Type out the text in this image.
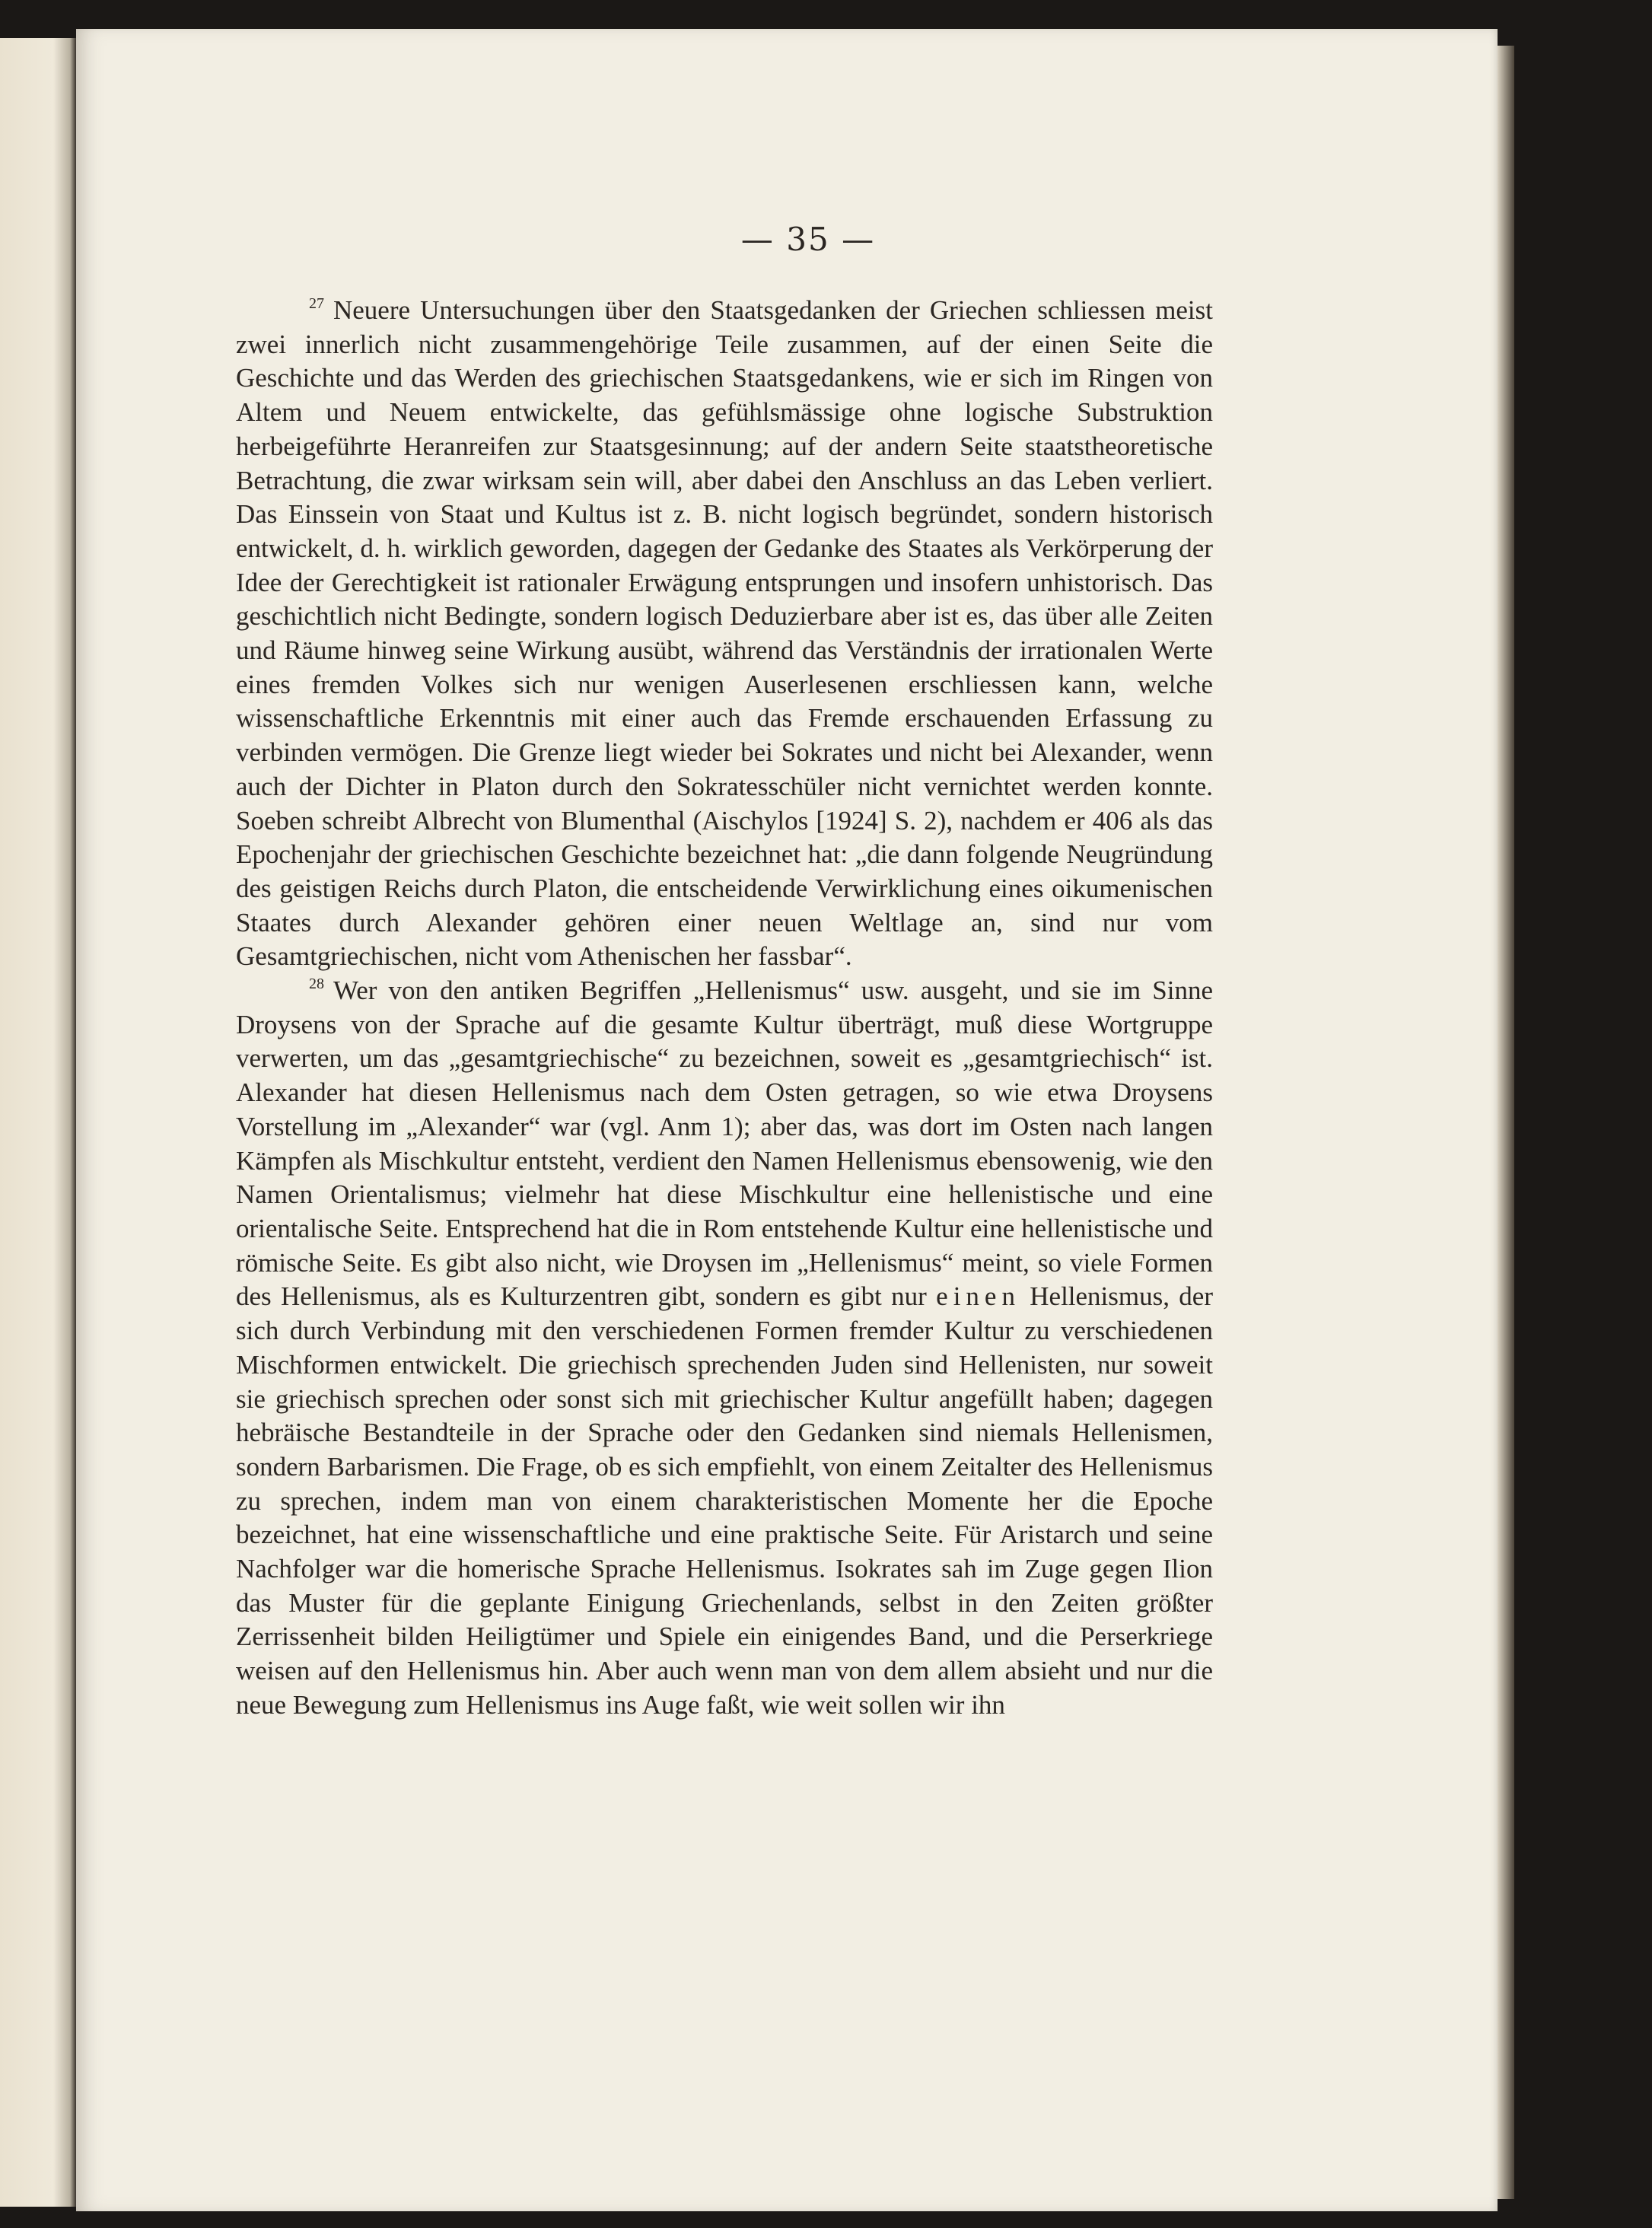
— 35 —

$^{27}$ Neuere Untersuchungen über den Staatsgedanken der Griechen schliessen meist zwei innerlich nicht zusammengehörige Teile zusammen, auf der einen Seite die Geschichte und das Werden des griechischen Staatsgedankens, wie er sich im Ringen von Altem und Neuem entwickelte, das gefühlsmässige ohne logische Substruktion herbeigeführte Heranreifen zur Staatsgesinnung; auf der andern Seite staatstheoretische Betrachtung, die zwar wirksam sein will, aber dabei den Anschluss an das Leben verliert. Das Einssein von Staat und Kultus ist z. B. nicht logisch begründet, sondern historisch entwickelt, d. h. wirklich geworden, dagegen der Gedanke des Staates als Verkörperung der Idee der Gerechtigkeit ist rationaler Erwägung entsprungen und insofern unhistorisch. Das geschichtlich nicht Bedingte, sondern logisch Deduzierbare aber ist es, das über alle Zeiten und Räume hinweg seine Wirkung ausübt, während das Verständnis der irrationalen Werte eines fremden Volkes sich nur wenigen Auserlesenen erschliessen kann, welche wissenschaftliche Erkenntnis mit einer auch das Fremde erschauenden Erfassung zu verbinden vermögen. Die Grenze liegt wieder bei Sokrates und nicht bei Alexander, wenn auch der Dichter in Platon durch den Sokratesschüler nicht vernichtet werden konnte. Soeben schreibt Albrecht von Blumenthal (Aischylos [1924] S. 2), nachdem er 406 als das Epochenjahr der griechischen Geschichte bezeichnet hat: „die dann folgende Neugründung des geistigen Reichs durch Platon, die entscheidende Verwirklichung eines oikumenischen Staates durch Alexander gehören einer neuen Weltlage an, sind nur vom Gesamtgriechischen, nicht vom Athenischen her fassbar“.

$^{28}$ Wer von den antiken Begriffen „Hellenismus“ usw. ausgeht, und sie im Sinne Droysens von der Sprache auf die gesamte Kultur überträgt, muß diese Wortgruppe verwerten, um das „gesamtgriechische“ zu bezeichnen, soweit es „gesamtgriechisch“ ist. Alexander hat diesen Hellenismus nach dem Osten getragen, so wie etwa Droysens Vorstellung im „Alexander“ war (vgl. Anm 1); aber das, was dort im Osten nach langen Kämpfen als Mischkultur entsteht, verdient den Namen Hellenismus ebensowenig, wie den Namen Orientalismus; vielmehr hat diese Mischkultur eine hellenistische und eine orientalische Seite. Entsprechend hat die in Rom entstehende Kultur eine hellenistische und römische Seite. Es gibt also nicht, wie Droysen im „Hellenismus“ meint, so viele Formen des Hellenismus, als es Kulturzentren gibt, sondern es gibt nur einen Hellenismus, der sich durch Verbindung mit den verschiedenen Formen fremder Kultur zu verschiedenen Mischformen entwickelt. Die griechisch sprechenden Juden sind Hellenisten, nur soweit sie griechisch sprechen oder sonst sich mit griechischer Kultur angefüllt haben; dagegen hebräische Bestandteile in der Sprache oder den Gedanken sind niemals Hellenismen, sondern Barbarismen. Die Frage, ob es sich empfiehlt, von einem Zeitalter des Hellenismus zu sprechen, indem man von einem charakteristischen Momente her die Epoche bezeichnet, hat eine wissenschaftliche und eine praktische Seite. Für Aristarch und seine Nachfolger war die homerische Sprache Hellenismus. Isokrates sah im Zuge gegen Ilion das Muster für die geplante Einigung Griechenlands, selbst in den Zeiten größter Zerrissenheit bilden Heiligtümer und Spiele ein einigendes Band, und die Perserkriege weisen auf den Hellenismus hin. Aber auch wenn man von dem allem absieht und nur die neue Bewegung zum Hellenismus ins Auge faßt, wie weit sollen wir ihn
